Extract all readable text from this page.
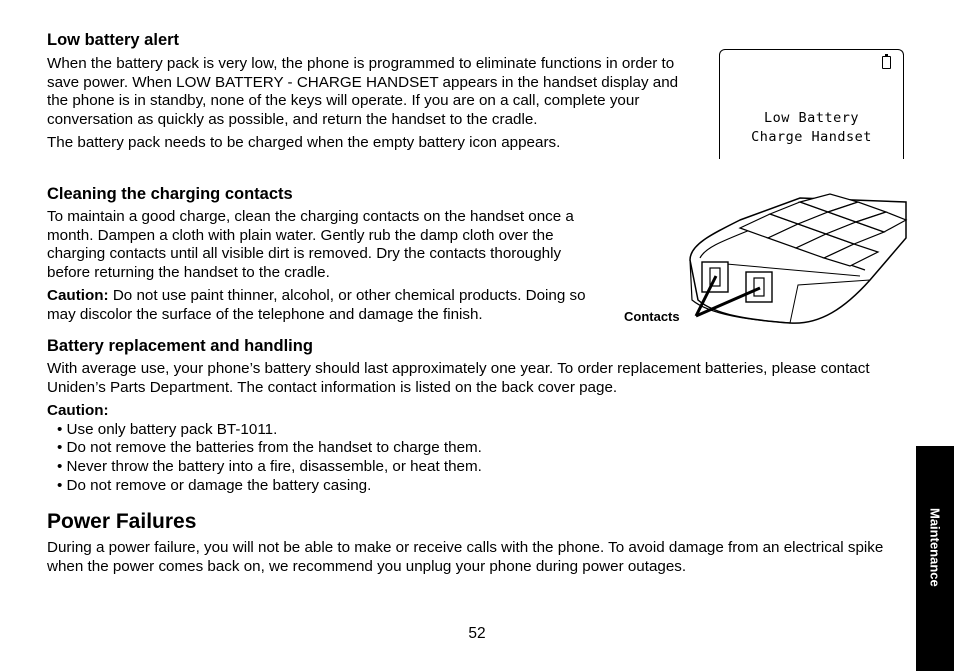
Low battery alert

When the battery pack is very low, the phone is programmed to eliminate functions in order to save power. When LOW BATTERY - CHARGE HANDSET appears in the handset display and the phone is in standby, none of the keys will operate. If you are on a call, complete your conversation as quickly as possible, and return the handset to the cradle.

The battery pack needs to be charged when the empty battery icon appears.

Low Battery
Charge Handset
Cleaning the charging contacts

To maintain a good charge, clean the charging contacts on the handset once a month. Dampen a cloth with plain water. Gently rub the damp cloth over the charging contacts until all visible dirt is removed. Dry the contacts thoroughly before returning the handset to the cradle.

Caution: Do not use paint thinner, alcohol, or other chemical products. Doing so may discolor the surface of the telephone and damage the finish.	Contacts
Battery replacement and handling

With average use, your phone’s battery should last approximately one year. To order replacement batteries, please contact Uniden’s Parts Department. The contact information is listed on the back cover page.

Caution:

• Use only battery pack BT-1011.
• Do not remove the batteries from the handset to charge them.
• Never throw the battery into a fire, disassemble, or heat them.
• Do not remove or damage the battery casing.
Power Failures

During a power failure, you will not be able to make or receive calls with the phone. To avoid damage from an electrical spike when the power comes back on, we recommend you unplug your phone during power outages.	Maintenance
52
